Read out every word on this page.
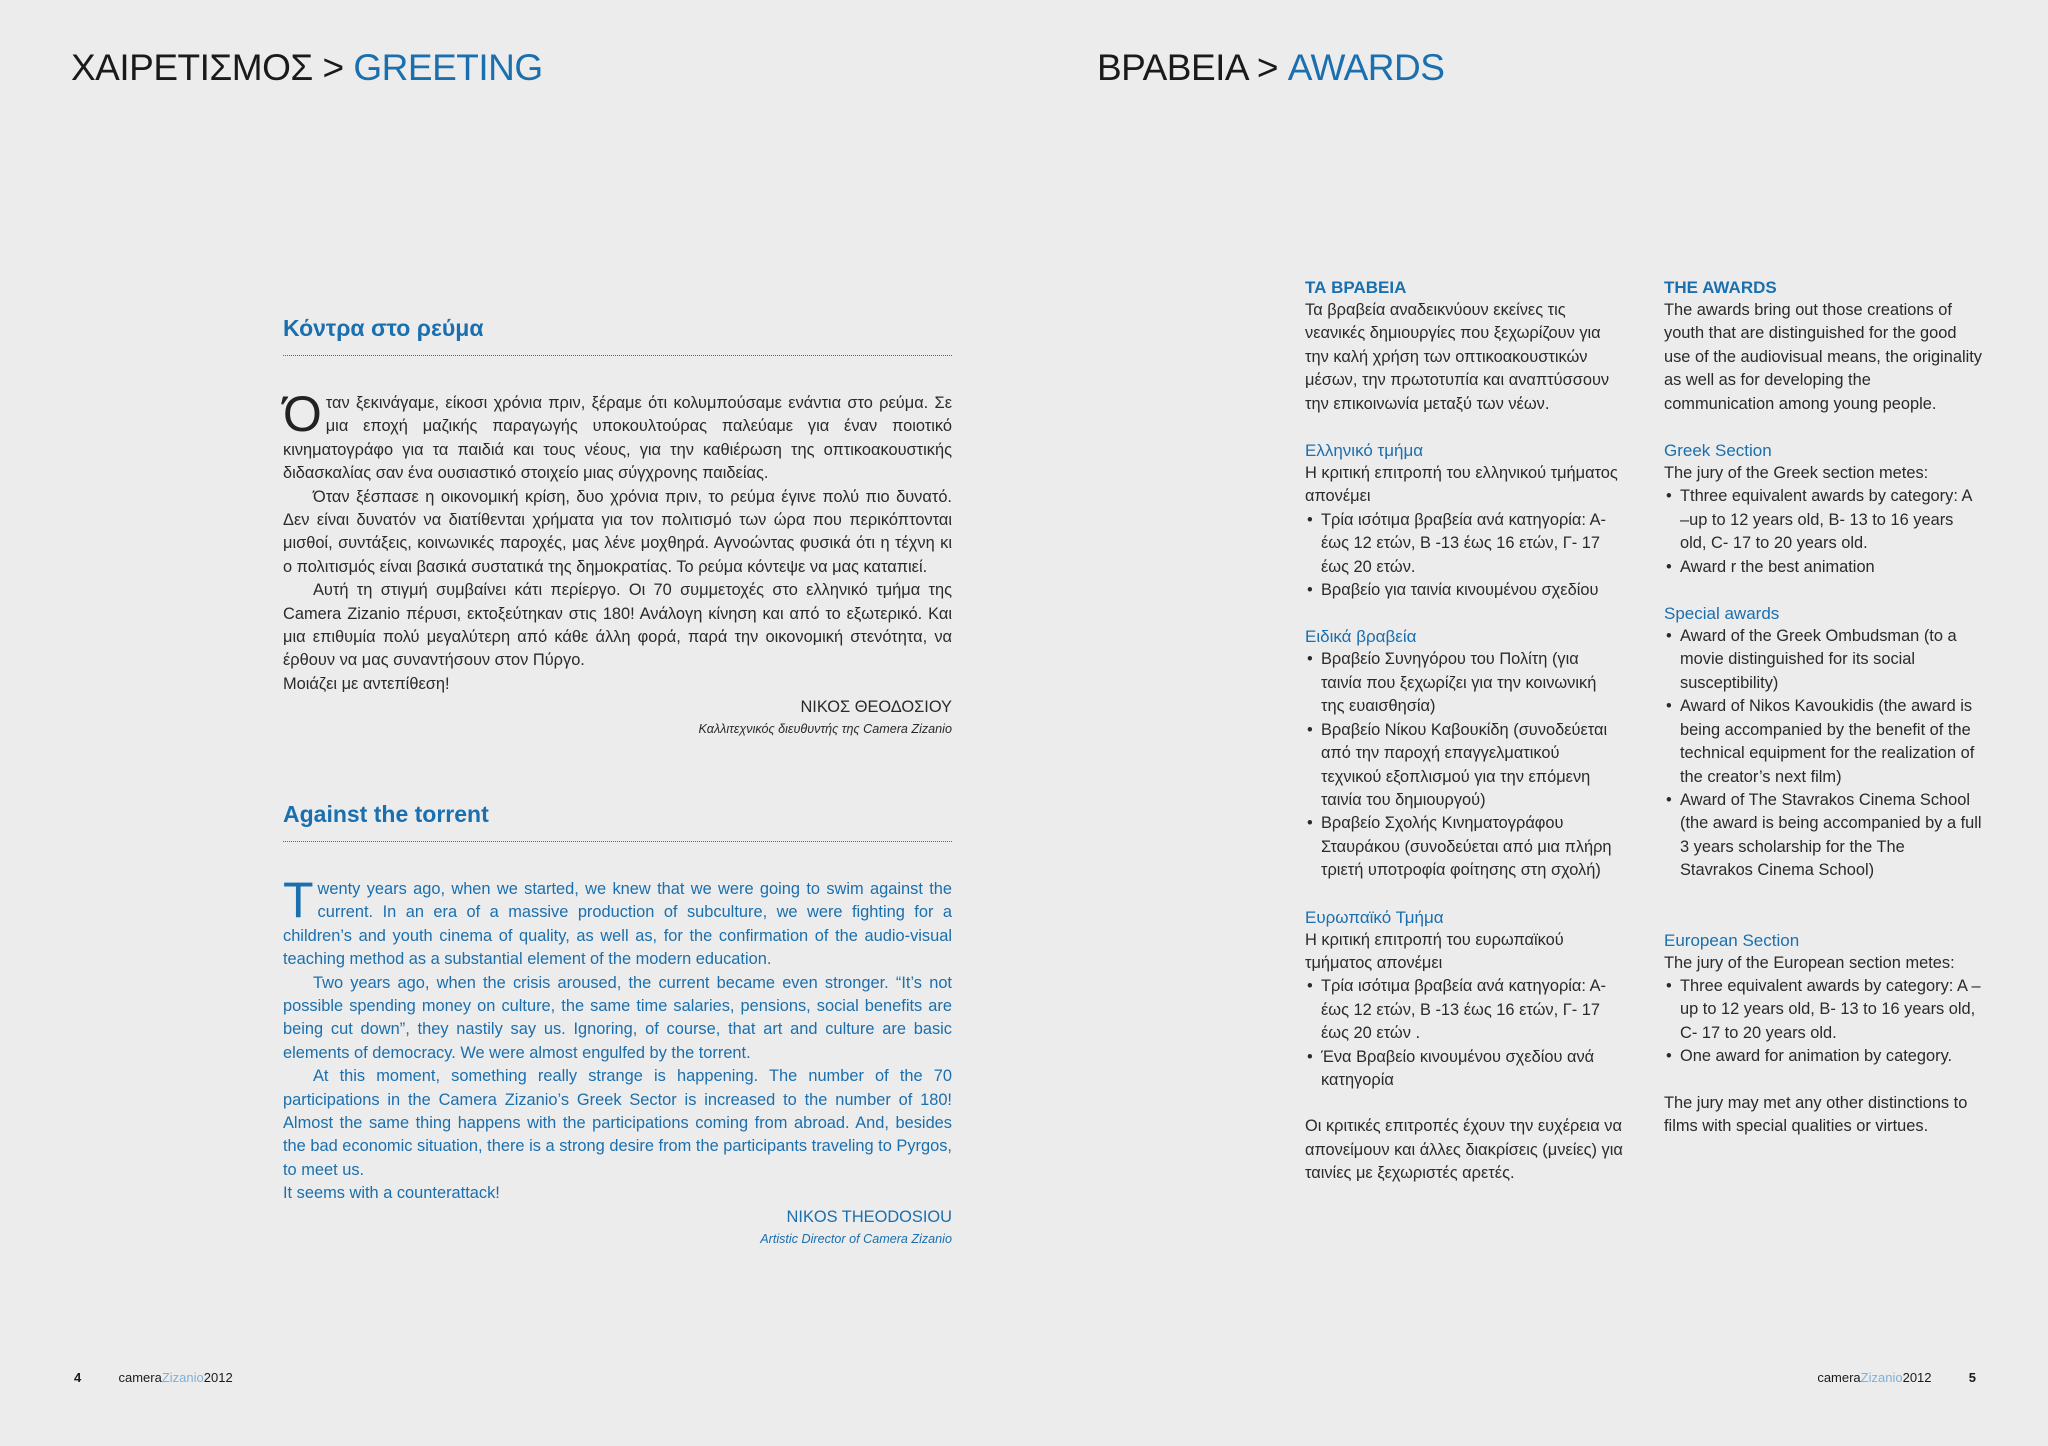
ΧΑΙΡΕΤΙΣΜΟΣ > GREETING	ΒΡΑΒΕΙΑ > AWARDS
Κόντρα στο ρεύμα

Όταν ξεκινάγαμε, είκοσι χρόνια πριν, ξέραμε ότι κολυμπούσαμε ενάντια στο ρεύμα. Σε μια εποχή μαζικής παραγωγής υποκουλτούρας παλεύαμε για έναν ποιοτικό κινηματογράφο για τα παιδιά και τους νέους, για την καθιέρωση της οπτικοακουστικής διδασκαλίας σαν ένα ουσιαστικό στοιχείο μιας σύγχρονης παιδείας.

Όταν ξέσπασε η οικονομική κρίση, δυο χρόνια πριν, το ρεύμα έγινε πολύ πιο δυνατό. Δεν είναι δυνατόν να διατίθενται χρήματα για τον πολιτισμό των ώρα που περικόπτονται μισθοί, συντάξεις, κοινωνικές παροχές, μας λένε μοχθηρά. Αγνοώντας φυσικά ότι η τέχνη κι ο πολιτισμός είναι βασικά συστατικά της δημοκρατίας. Το ρεύμα κόντεψε να μας καταπιεί.

Αυτή τη στιγμή συμβαίνει κάτι περίεργο. Οι 70 συμμετοχές στο ελληνικό τμήμα της Camera Zizanio πέρυσι, εκτοξεύτηκαν στις 180! Ανάλογη κίνηση και από το εξωτερικό. Και μια επιθυμία πολύ μεγαλύτερη από κάθε άλλη φορά, παρά την οικονομική στενότητα, να έρθουν να μας συναντήσουν στον Πύργο.

Μοιάζει με αντεπίθεση!

ΝΙΚΟΣ ΘΕΟΔΟΣΙΟΥ
Καλλιτεχνικός διευθυντής της Camera Zizanio
Against the torrent

Twenty years ago, when we started, we knew that we were going to swim against the current. In an era of a massive production of subculture, we were fighting for a children’s and youth cinema of quality, as well as, for the confirmation of the audio-visual teaching method as a substantial element of the modern education.

Two years ago, when the crisis aroused, the current became even stronger. “It’s not possible spending money on culture, the same time salaries, pensions, social benefits are being cut down”, they nastily say us. Ignoring, of course, that art and culture are basic elements of democracy. We were almost engulfed by the torrent.

At this moment, something really strange is happening. The number of the 70 participations in the Camera Zizanio’s Greek Sector is increased to the number of 180! Almost the same thing happens with the participations coming from abroad. And, besides the bad economic situation, there is a strong desire from the participants traveling to Pyrgos, to meet us.

It seems with a counterattack!

NIKOS THEODOSIOU
Artistic Director of Camera Zizanio
ΤΑ ΒΡΑΒΕΙΑ

Τα βραβεία αναδεικνύουν εκείνες τις νεανικές δημιουργίες που ξεχωρίζουν για την καλή χρήση των οπτικοακουστικών μέσων, την πρωτοτυπία και αναπτύσσουν την επικοινωνία μεταξύ των νέων.

Ελληνικό τμήμα

Η κριτική επιτροπή του ελληνικού τμήματος απονέμει

• Τρία ισότιμα βραβεία ανά κατηγορία: Α- έως 12 ετών, Β -13 έως 16 ετών, Γ- 17 έως 20 ετών.
• Βραβείο για ταινία κινουμένου σχεδίου
Ειδικά βραβεία
• Βραβείο Συνηγόρου του Πολίτη (για ταινία που ξεχωρίζει για την κοινωνική της ευαισθησία)
• Βραβείο Νίκου Καβουκίδη (συνοδεύεται από την παροχή επαγγελματικού τεχνικού εξοπλισμού για την επόμενη ταινία του δημιουργού)
• Βραβείο Σχολής Κινηματογράφου Σταυράκου (συνοδεύεται από μια πλήρη τριετή υποτροφία φοίτησης στη σχολή)
Ευρωπαϊκό Τμήμα

Η κριτική επιτροπή του ευρωπαϊκού τμήματος απονέμει

• Τρία ισότιμα βραβεία ανά κατηγορία: Α- έως 12 ετών, Β -13 έως 16 ετών, Γ- 17 έως 20 ετών .
• Ένα Βραβείο κινουμένου σχεδίου ανά κατηγορία

Οι κριτικές επιτροπές έχουν την ευχέρεια να απονείμουν και άλλες διακρίσεις (μνείες) για ταινίες με ξεχωριστές αρετές.

THE AWARDS

The awards bring out those creations of youth that are distinguished for the good use of the audiovisual means, the originality as well as for developing the communication among young people.

Greek Section

The jury of the Greek section metes:

• Tthree equivalent awards by category: A –up to 12 years old, B- 13 to 16 years old, C- 17 to 20 years old.
• Award r the best animation
Special awards
• Award of the Greek Ombudsman (to a movie distinguished for its social susceptibility)
• Award of Nikos Kavoukidis (the award is being accompanied by the benefit of the technical equipment for the realization of the creator’s next film)
• Award of The Stavrakos Cinema School (the award is being accompanied by a full 3 years scholarship for the The Stavrakos Cinema School)
European Section

The jury of the European section metes:

• Three equivalent awards by category: A –up to 12 years old, B- 13 to 16 years old, C- 17 to 20 years old.
• One award for animation by category.

The jury may met any other distinctions to films with special qualities or virtues.

4	cameraZizanio2012	cameraZizanio2012	5
